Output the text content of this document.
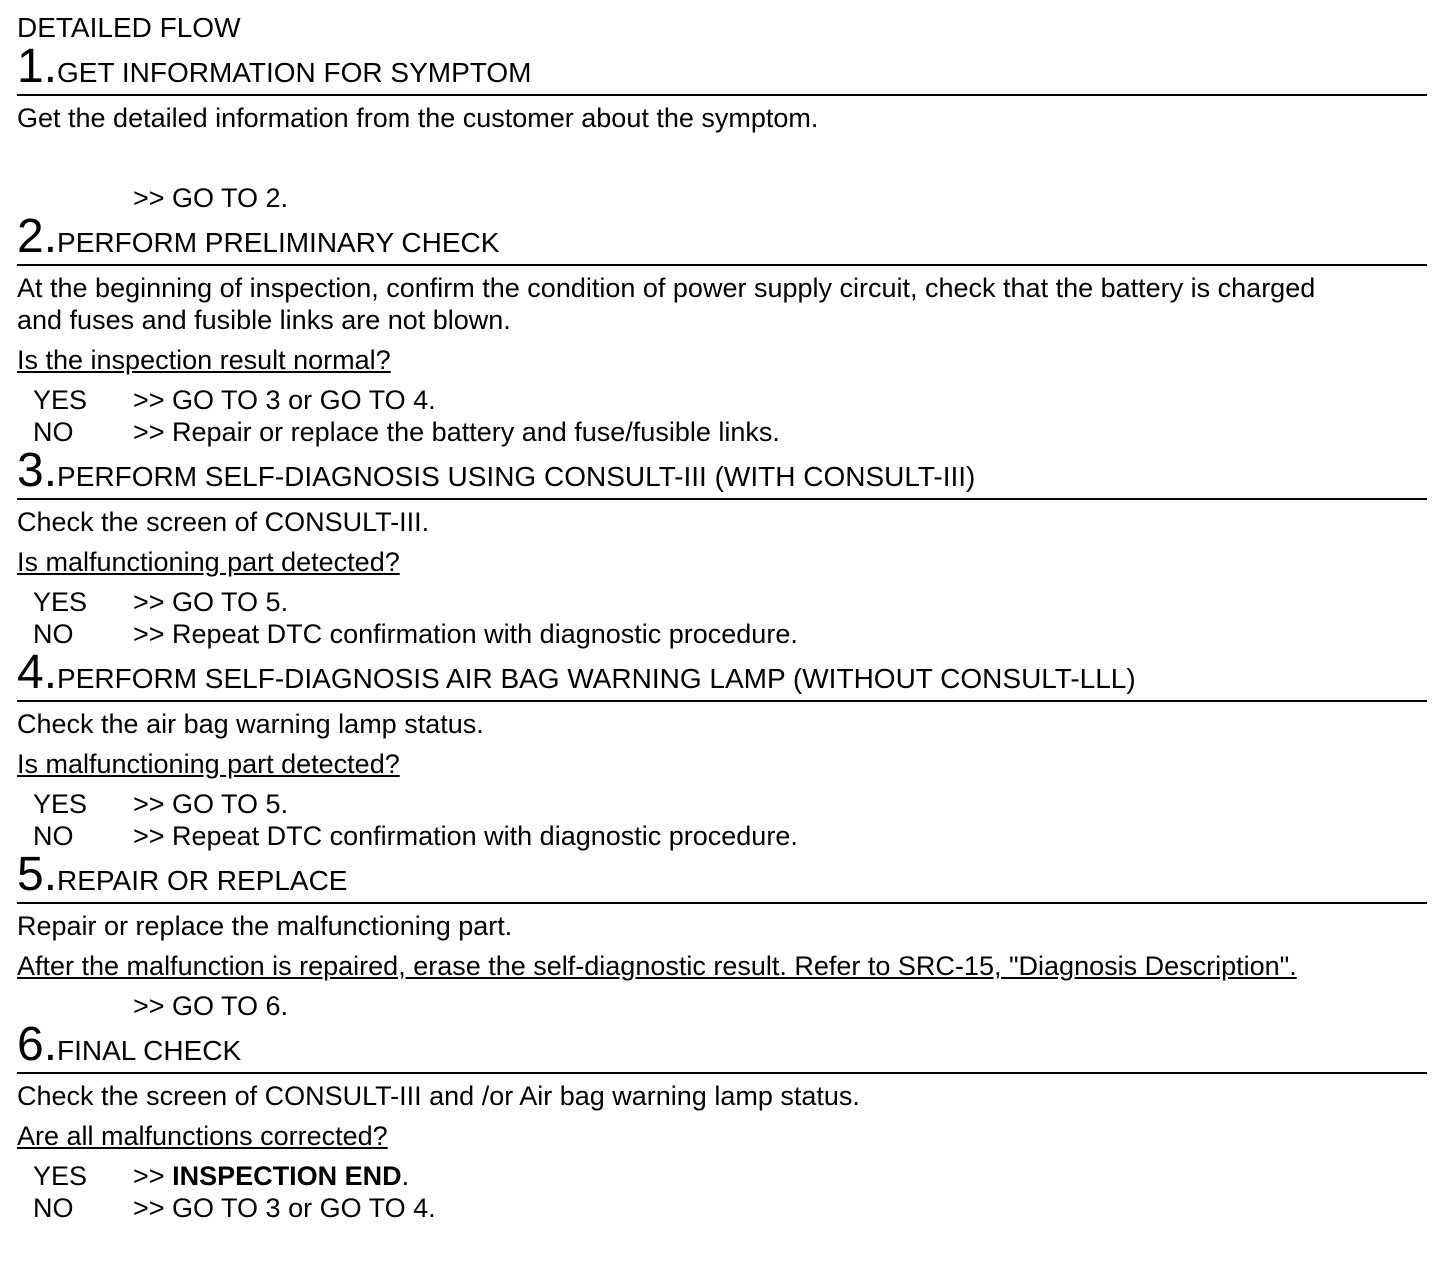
DETAILED FLOW
1. GET INFORMATION FOR SYMPTOM
Get the detailed information from the customer about the symptom.
>> GO TO 2.
2. PERFORM PRELIMINARY CHECK
At the beginning of inspection, confirm the condition of power supply circuit, check that the battery is charged
and fuses and fusible links are not blown.
Is the inspection result normal?
YES	>> GO TO 3 or GO TO 4.
NO	>> Repair or replace the battery and fuse/fusible links.
3. PERFORM SELF-DIAGNOSIS USING CONSULT-III (WITH CONSULT-III)
Check the screen of CONSULT-III.
Is malfunctioning part detected?
YES	>> GO TO 5.
NO	>> Repeat DTC confirmation with diagnostic procedure.
4. PERFORM SELF-DIAGNOSIS AIR BAG WARNING LAMP (WITHOUT CONSULT-LLL)
Check the air bag warning lamp status.
Is malfunctioning part detected?
YES	>> GO TO 5.
NO	>> Repeat DTC confirmation with diagnostic procedure.
5. REPAIR OR REPLACE
Repair or replace the malfunctioning part.
After the malfunction is repaired, erase the self-diagnostic result. Refer to SRC-15, "Diagnosis Description".
>> GO TO 6.
6. FINAL CHECK
Check the screen of CONSULT-III and /or Air bag warning lamp status.
Are all malfunctions corrected?
YES	>> INSPECTION END.
NO	>> GO TO 3 or GO TO 4.
